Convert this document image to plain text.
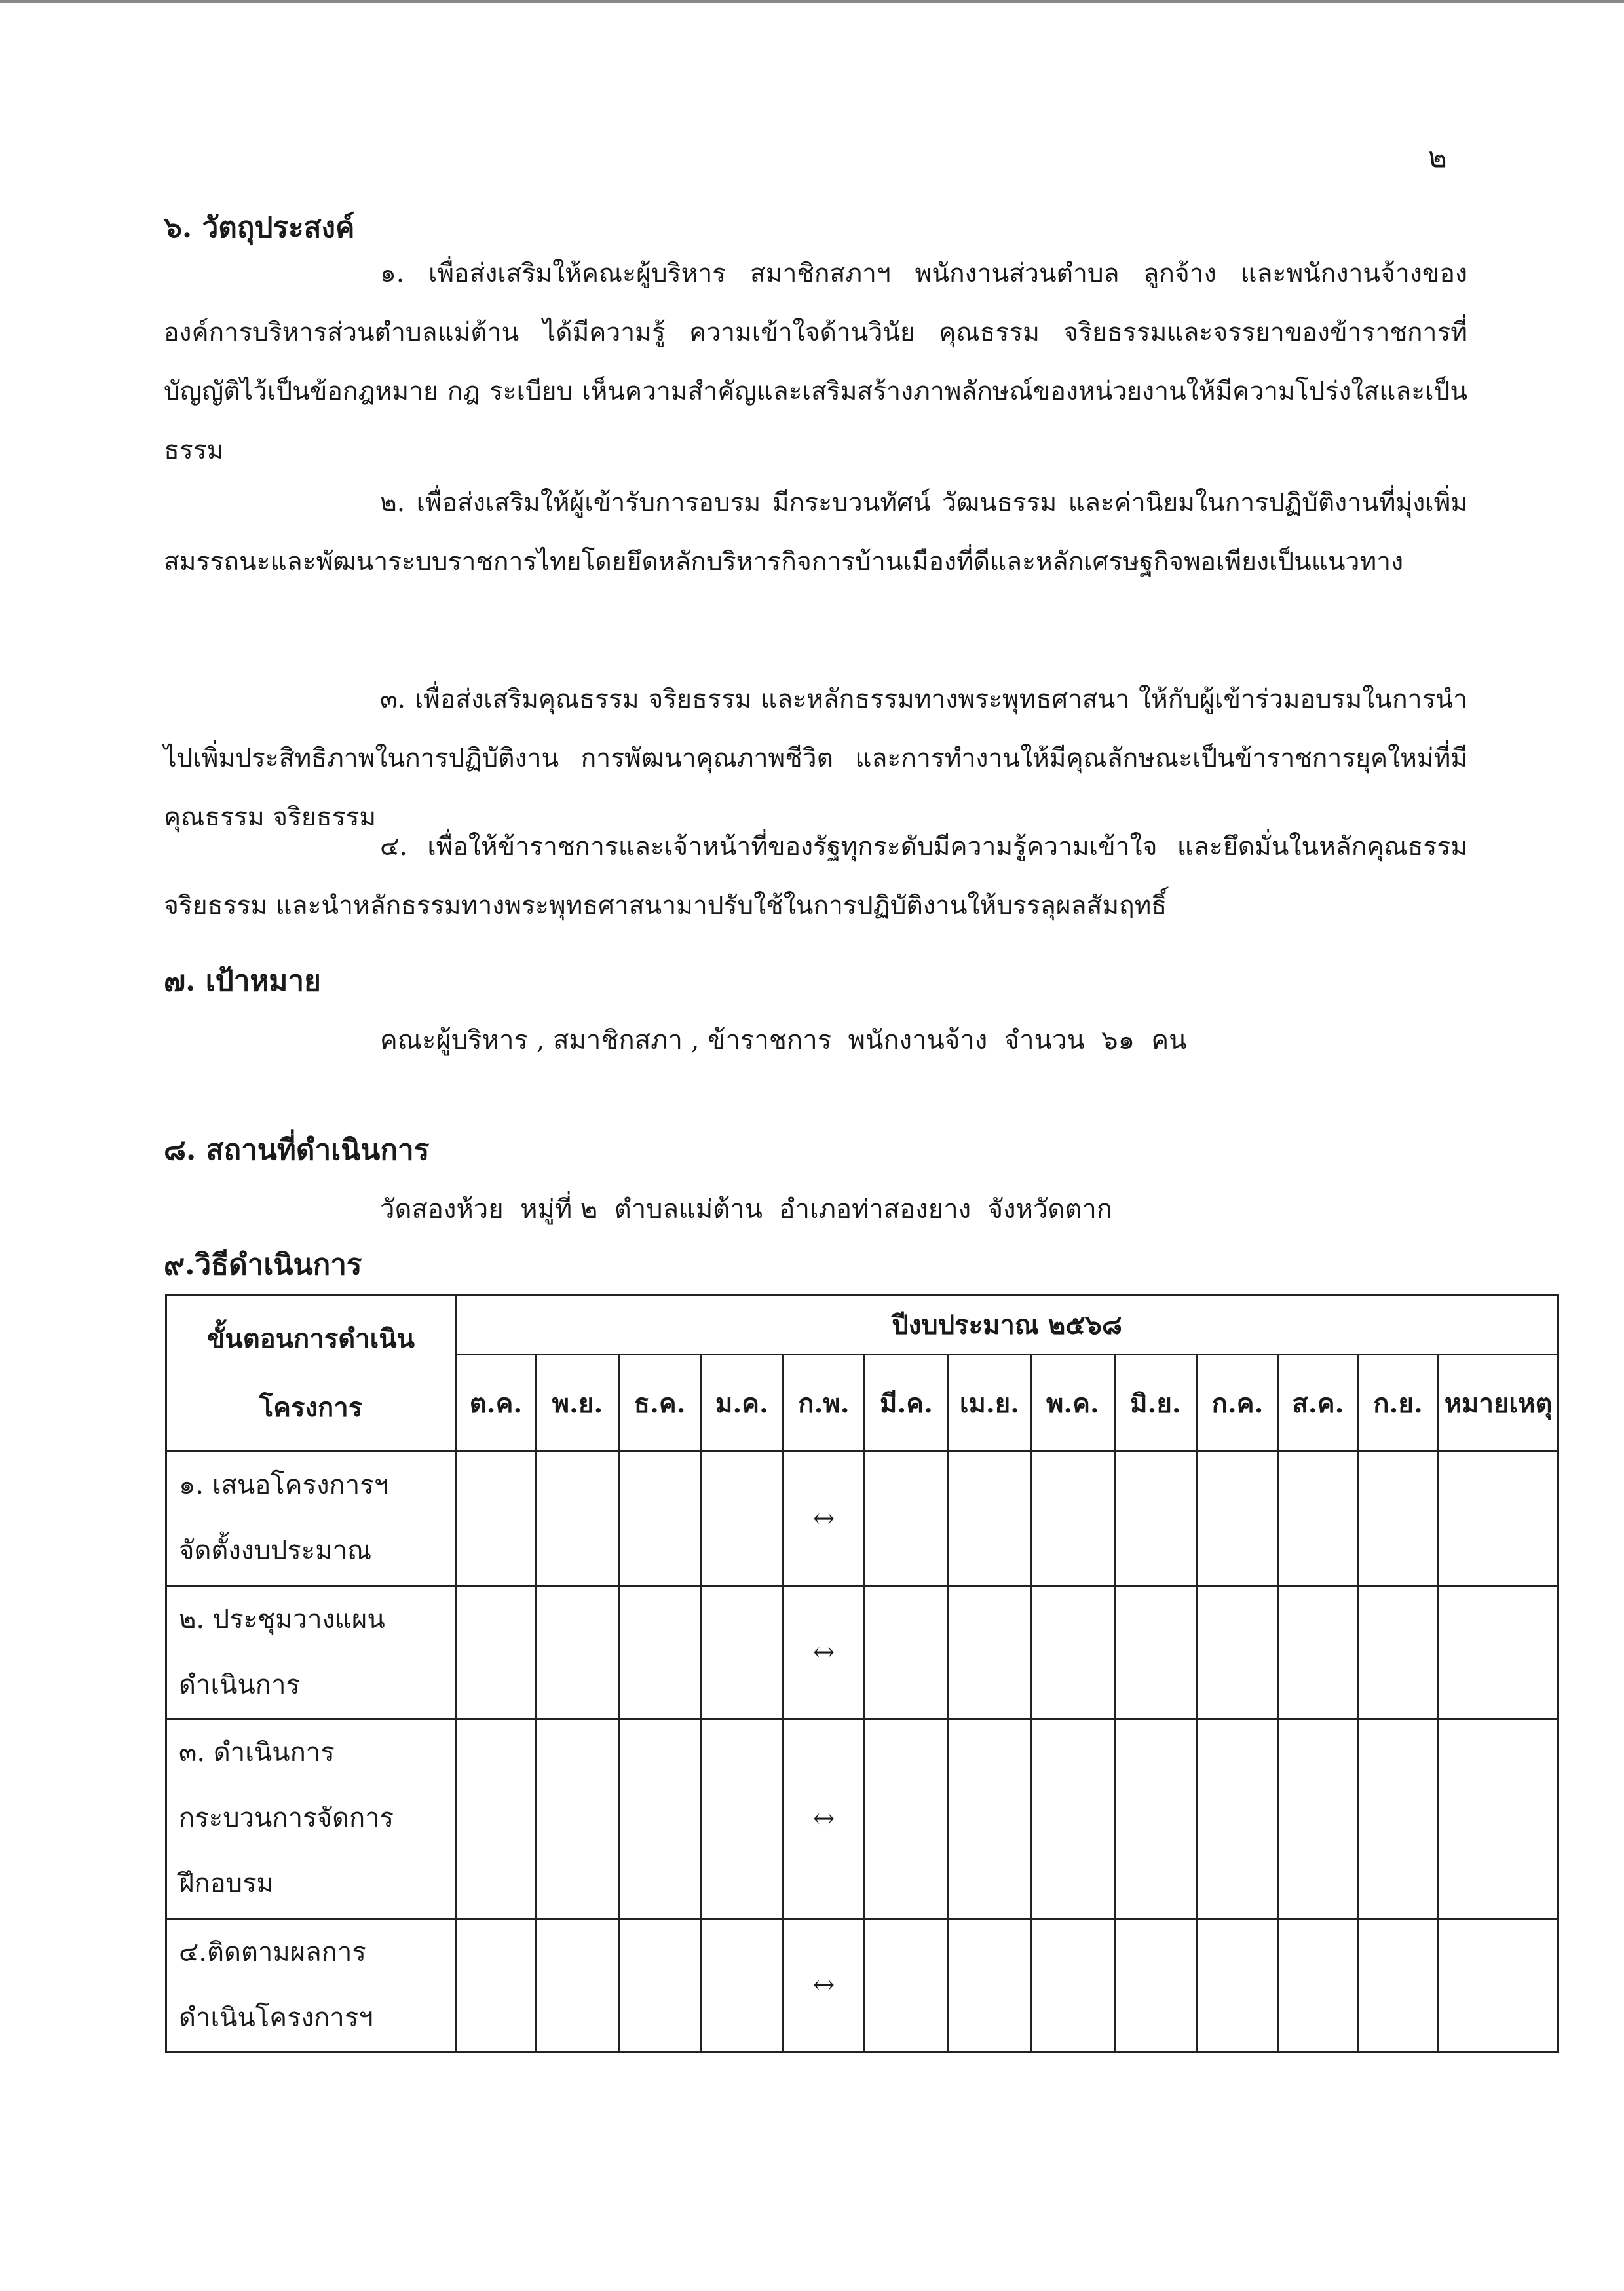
๒
๖. วัตถุประสงค์

๑. เพื่อส่งเสริมให้คณะผู้บริหาร สมาชิกสภาฯ พนักงานส่วนตำบล ลูกจ้าง และพนักงานจ้างขององค์การบริหารส่วนตำบลแม่ต้าน ได้มีความรู้ ความเข้าใจด้านวินัย คุณธรรม จริยธรรมและจรรยาของข้าราชการที่บัญญัติไว้เป็นข้อกฎหมาย กฎ ระเบียบ เห็นความสำคัญและเสริมสร้างภาพลักษณ์ของหน่วยงานให้มีความโปร่งใสและเป็นธรรม

๒. เพื่อส่งเสริมให้ผู้เข้ารับการอบรม มีกระบวนทัศน์ วัฒนธรรม และค่านิยมในการปฏิบัติงานที่มุ่งเพิ่มสมรรถนะและพัฒนาระบบราชการไทยโดยยึดหลักบริหารกิจการบ้านเมืองที่ดีและหลักเศรษฐกิจพอเพียงเป็นแนวทาง

๓. เพื่อส่งเสริมคุณธรรม จริยธรรม และหลักธรรมทางพระพุทธศาสนา ให้กับผู้เข้าร่วมอบรมในการนำไปเพิ่มประสิทธิภาพในการปฏิบัติงาน การพัฒนาคุณภาพชีวิต และการทำงานให้มีคุณลักษณะเป็นข้าราชการยุคใหม่ที่มีคุณธรรม จริยธรรม

๔. เพื่อให้ข้าราชการและเจ้าหน้าที่ของรัฐทุกระดับมีความรู้ความเข้าใจ และยึดมั่นในหลักคุณธรรม จริยธรรม และนำหลักธรรมทางพระพุทธศาสนามาปรับใช้ในการปฏิบัติงานให้บรรลุผลสัมฤทธิ์

๗. เป้าหมาย
คณะผู้บริหาร , สมาชิกสภา , ข้าราชการ  พนักงานจ้าง  จำนวน  ๖๑  คน
๘. สถานที่ดำเนินการ
วัดสองห้วย  หมู่ที่ ๒  ตำบลแม่ต้าน  อำเภอท่าสองยาง  จังหวัดตาก
๙.วิธีดำเนินการ
ขั้นตอนการดำเนิน
โครงการ	ปีงบประมาณ ๒๕๖๘												
	ต.ค.	พ.ย.	ธ.ค.	ม.ค.	ก.พ.	มี.ค.	เม.ย.	พ.ค.	มิ.ย.	ก.ค.	ส.ค.	ก.ย.	หมายเหตุ

๑. เสนอโครงการฯ
จัดตั้งงบประมาณ					↔								

๒. ประชุมวางแผน
ดำเนินการ					↔								

๓. ดำเนินการ
กระบวนการจัดการ
ฝึกอบรม					↔								

๔.ติดตามผลการ
ดำเนินโครงการฯ					↔								
